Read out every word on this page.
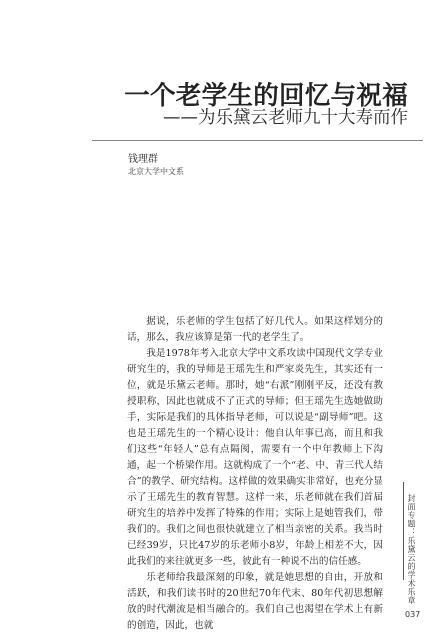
一个老学生的回忆与祝福
——为乐黛云老师九十大寿而作
钱理群
北京大学中文系

据说，乐老师的学生包括了好几代人。如果这样划分的话，那么，我应该算是第一代的老学生了。

我是1978年考入北京大学中文系攻读中国现代文学专业研究生的，我的导师是王瑶先生和严家炎先生，其实还有一位，就是乐黛云老师。那时，她“右派”刚刚平反，还没有教授职称，因此也就成不了正式的导师；但王瑶先生选她做助手，实际是我们的具体指导老师，可以说是“副导师”吧。这也是王瑶先生的一个精心设计：他自认年事已高，而且和我们这些“年轻人”总有点隔阂，需要有一个中年教师上下沟通，起一个桥梁作用。这就构成了一个“老、中、青三代人结合”的教学、研究结构。这样做的效果确实非常好，也充分显示了王瑶先生的教育智慧。这样一来，乐老师就在我们首届研究生的培养中发挥了特殊的作用；实际上是她管我们，带我们的。我们之间也很快就建立了相当亲密的关系。我当时已经39岁，只比47岁的乐老师小8岁，年龄上相差不大，因此我们的来往就更多一些，彼此有一种说不出的信任感。

乐老师给我最深刻的印象，就是她思想的自由，开放和活跃，和我们读书时的20世纪70年代末、80年代初思想解放的时代潮流是相当融合的。我们自己也渴望在学术上有新的创造，因此，也就

封面专题：乐黛云的学术乐章
037
